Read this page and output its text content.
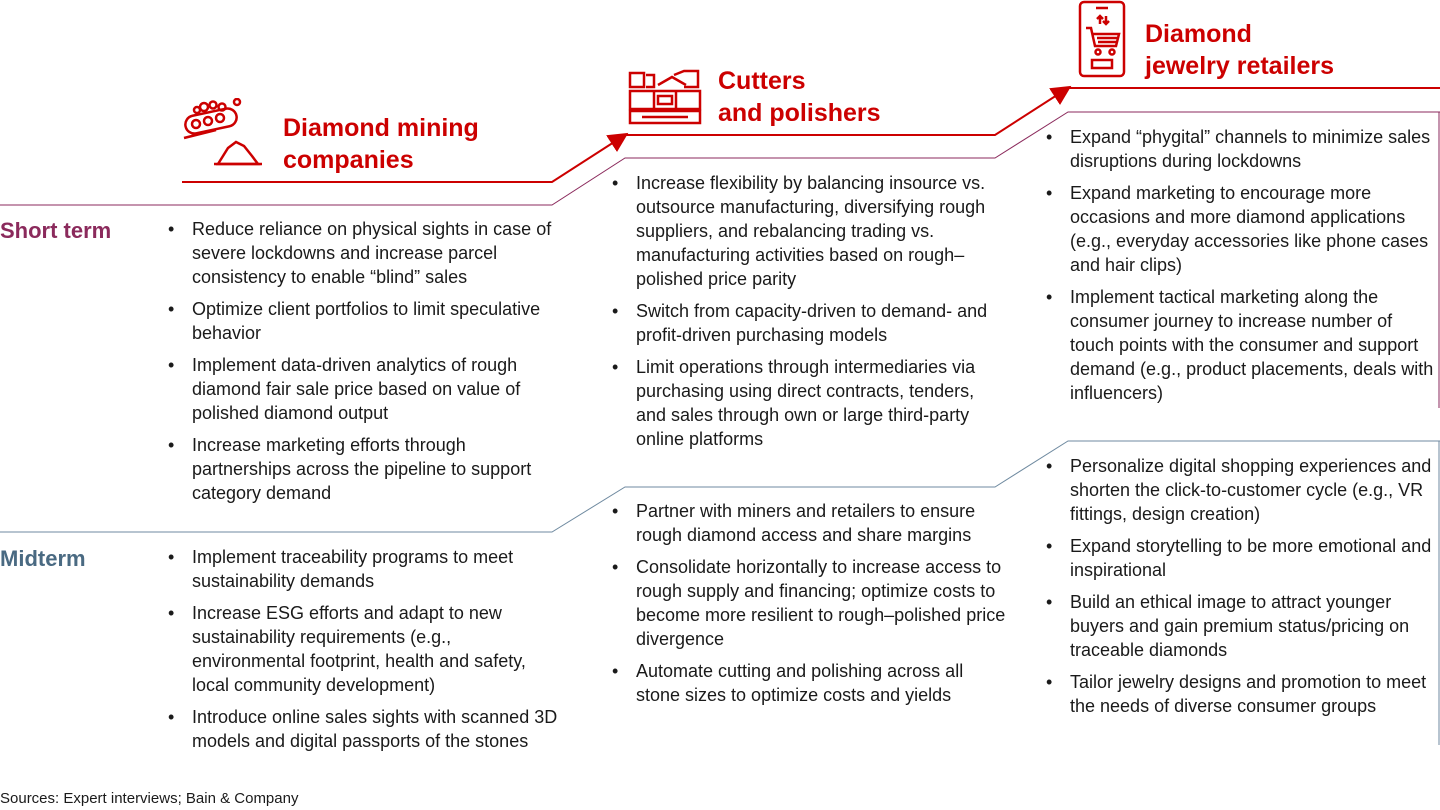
Diamond mining
companies
Cutters
and polishers
Diamond
jewelry retailers
Short term
Midterm
• Reduce reliance on physical sights in case of severe lockdowns and increase parcel consistency to enable “blind” sales
• Optimize client portfolios to limit speculative behavior
• Implement data-driven analytics of rough diamond fair sale price based on value of polished diamond output
• Increase marketing efforts through partnerships across the pipeline to support category demand
• Increase flexibility by balancing insource vs. outsource manufacturing, diversifying rough suppliers, and rebalancing trading vs. manufacturing activities based on rough–polished price parity
• Switch from capacity-driven to demand- and profit-driven purchasing models
• Limit operations through intermediaries via purchasing using direct contracts, tenders, and sales through own or large third-party online platforms
• Expand “phygital” channels to minimize sales disruptions during lockdowns
• Expand marketing to encourage more occasions and more diamond applications (e.g., everyday accessories like phone cases and hair clips)
• Implement tactical marketing along the consumer journey to increase number of touch points with the consumer and support demand (e.g., product placements, deals with influencers)
• Implement traceability programs to meet sustainability demands
• Increase ESG efforts and adapt to new sustainability requirements (e.g., environmental footprint, health and safety, local community development)
• Introduce online sales sights with scanned 3D models and digital passports of the stones
• Partner with miners and retailers to ensure rough diamond access and share margins
• Consolidate horizontally to increase access to rough supply and financing; optimize costs to become more resilient to rough–polished price divergence
• Automate cutting and polishing across all stone sizes to optimize costs and yields
• Personalize digital shopping experiences and shorten the click-to-customer cycle (e.g., VR fittings, design creation)
• Expand storytelling to be more emotional and inspirational
• Build an ethical image to attract younger buyers and gain premium status/pricing on traceable diamonds
• Tailor jewelry designs and promotion to meet the needs of diverse consumer groups
Sources: Expert interviews; Bain & Company
